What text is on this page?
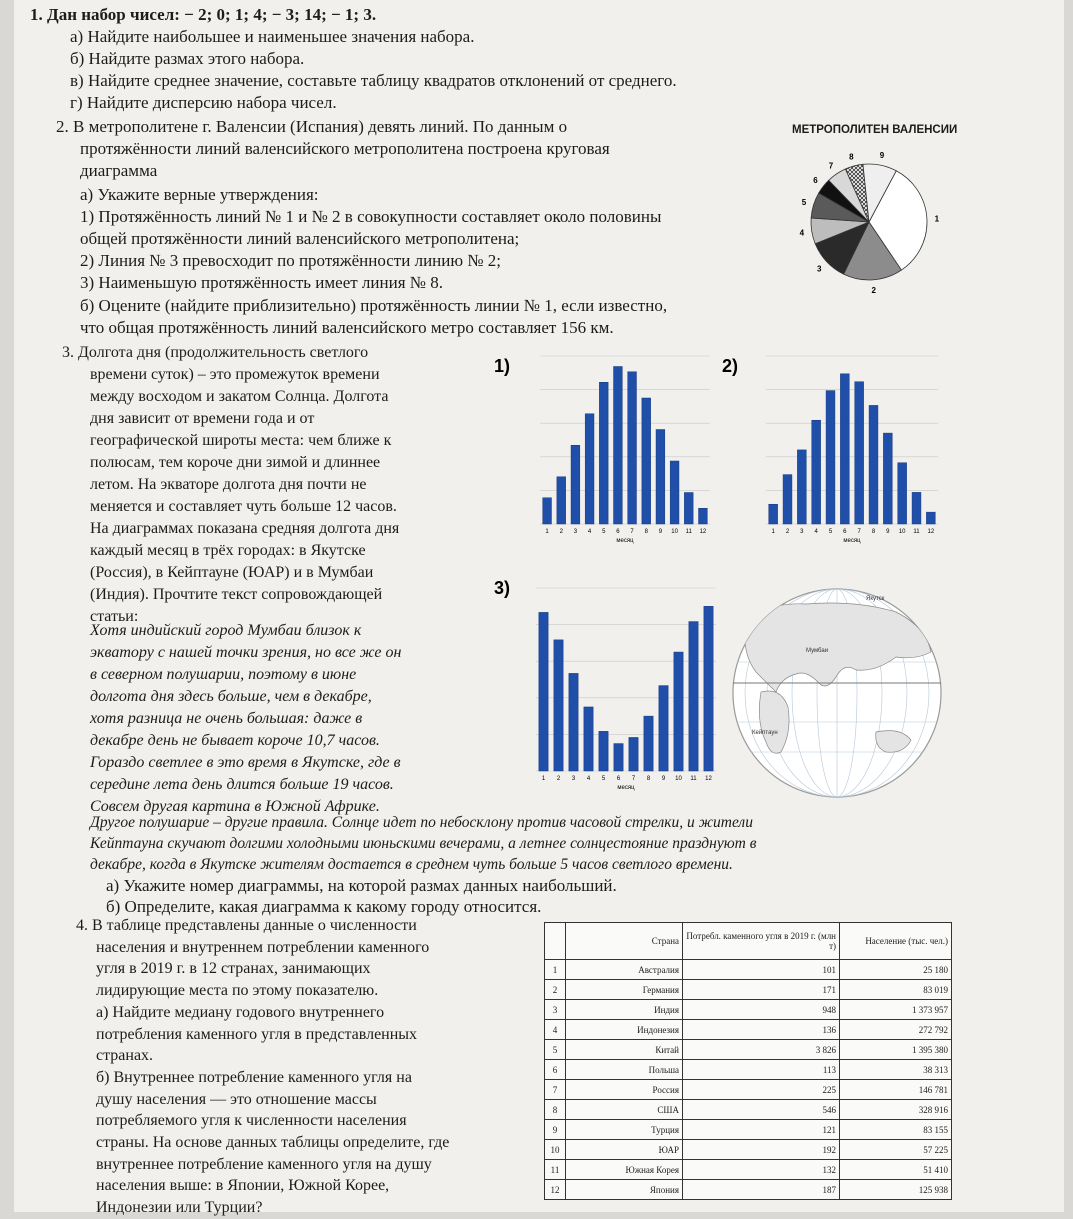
1. Дан набор чисел: − 2; 0; 1; 4; − 3; 14; − 1; 3.
а) Найдите наибольшее и наименьшее значения набора.
б) Найдите размах этого набора.
в) Найдите среднее значение, составьте таблицу квадратов отклонений от среднего.
г) Найдите дисперсию набора чисел.
2. В метрополитене г. Валенсии (Испания) девять линий. По данным о
протяжённости линий валенсийского метрополитена построена круговая
диаграмма
а) Укажите верные утверждения:
1) Протяжённость линий № 1 и № 2 в совокупности составляет около половины
общей протяжённости линий валенсийского метрополитена;
2) Линия № 3 превосходит по протяжённости линию № 2;
3) Наименьшую протяжённость имеет линия № 8.
б) Оцените (найдите приблизительно) протяжённость линии № 1, если известно,
что общая протяжённость линий валенсийского метро составляет 156 км.
МЕТРОПОЛИТЕН ВАЛЕНСИИ
1
2
3
4
5
6
7
8	9
3. Долгота дня (продолжительность светлого
времени суток) – это промежуток времени
между восходом и закатом Солнца. Долгота
дня зависит от времени года и от
географической широты места: чем ближе к
полюсам, тем короче дни зимой и длиннее
летом. На экваторе долгота дня почти не
меняется и составляет чуть больше 12 часов.
На диаграммах показана средняя долгота дня
каждый месяц в трёх городах: в Якутске
(Россия), в Кейптауне (ЮАР) и в Мумбаи
(Индия). Прочтите текст сопровождающей
статьи:
Хотя индийский город Мумбаи близок к
экватору с нашей точки зрения, но все же он
в северном полушарии, поэтому в июне
долгота дня здесь больше, чем в декабре,
хотя разница не очень большая: даже в
декабре день не бывает короче 10,7 часов.
Гораздо светлее в это время в Якутске, где в
середине лета день длится больше 19 часов.
Совсем другая картина в Южной Африке.
Другое полушарие – другие правила. Солнце идет по небосклону против часовой стрелки, и жители
Кейптауна скучают долгими холодными июньскими вечерами, а летнее солнцестояние празднуют в
декабре, когда в Якутске жителям достается в среднем чуть больше 5 часов светлого времени.
а) Укажите номер диаграммы, на которой размах данных наибольший.
б) Определите, какая диаграмма к какому городу относится.
1)
1 2 3 4 5 6 7 8 9 10 11 12
месяц
2)
1 2 3 4 5 6 7 8 9 10 11 12
месяц
3)
1 2 3 4 5 6 7 8 9 10 11 12
месяц
Якутск
Мумбаи
Кейптаун
4. В таблице представлены данные о численности
населения и внутреннем потреблении каменного
угля в 2019 г. в 12 странах, занимающих
лидирующие места по этому показателю.
а) Найдите медиану годового внутреннего
потребления каменного угля в представленных
странах.
б) Внутреннее потребление каменного угля на
душу населения — это отношение массы
потребляемого угля к численности населения
страны. На основе данных таблицы определите, где
внутреннее потребление каменного угля на душу
населения выше: в Японии, Южной Корее,
Индонезии или Турции?
	Страна	Потребл. каменного угля в 2019 г. (млн т)	Население (тыс. чел.)
1	Австралия	101	25 180
2	Германия	171	83 019
3	Индия	948	1 373 957
4	Индонезия	136	272 792
5	Китай	3 826	1 395 380
6	Польша	113	38 313
7	Россия	225	146 781
8	США	546	328 916
9	Турция	121	83 155
10	ЮАР	192	57 225
11	Южная Корея	132	51 410
12	Япония	187	125 938
